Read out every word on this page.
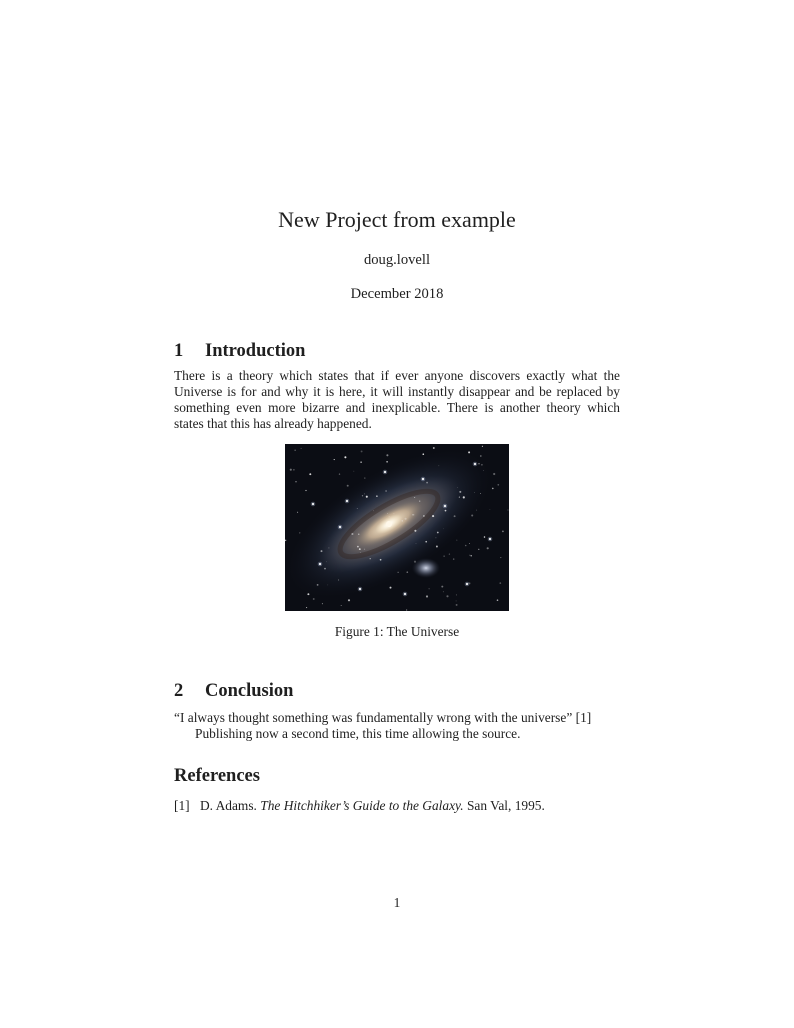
New Project from example
doug.lovell
December 2018
1	Introduction
There is a theory which states that if ever anyone discovers exactly what the Universe is for and why it is here, it will instantly disappear and be replaced by something even more bizarre and inexplicable. There is another theory which states that this has already happened.
Figure 1: The Universe
2	Conclusion
“I always thought something was fundamentally wrong with the universe” [1]
Publishing now a second time, this time allowing the source.
References
[1] D. Adams. The Hitchhiker’s Guide to the Galaxy. San Val, 1995.
1
